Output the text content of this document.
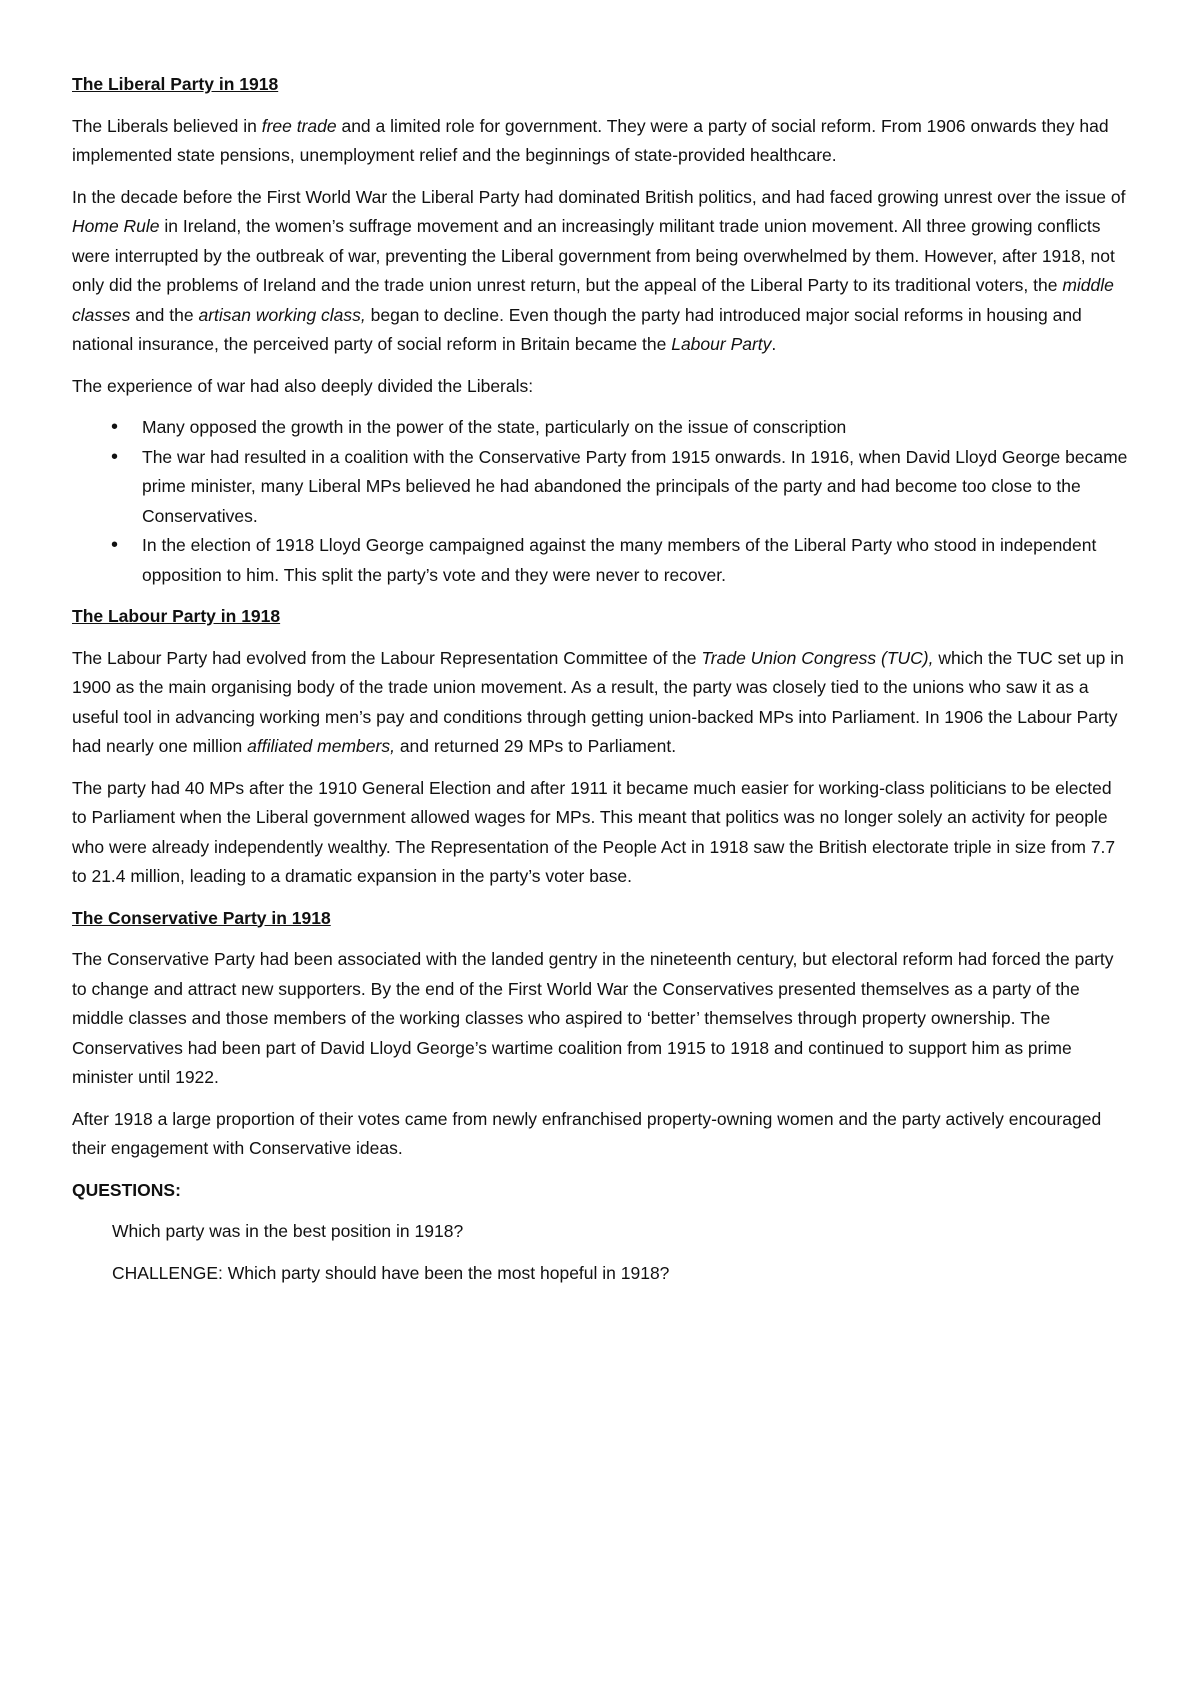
The Liberal Party in 1918

The Liberals believed in free trade and a limited role for government. They were a party of social reform. From 1906 onwards they had implemented state pensions, unemployment relief and the beginnings of state-provided healthcare.

In the decade before the First World War the Liberal Party had dominated British politics, and had faced growing unrest over the issue of Home Rule in Ireland, the women’s suffrage movement and an increasingly militant trade union movement. All three growing conflicts were interrupted by the outbreak of war, preventing the Liberal government from being overwhelmed by them. However, after 1918, not only did the problems of Ireland and the trade union unrest return, but the appeal of the Liberal Party to its traditional voters, the middle classes and the artisan working class, began to decline. Even though the party had introduced major social reforms in housing and national insurance, the perceived party of social reform in Britain became the Labour Party.

The experience of war had also deeply divided the Liberals:

• Many opposed the growth in the power of the state, particularly on the issue of conscription
• The war had resulted in a coalition with the Conservative Party from 1915 onwards. In 1916, when David Lloyd George became prime minister, many Liberal MPs believed he had abandoned the principals of the party and had become too close to the Conservatives.
• In the election of 1918 Lloyd George campaigned against the many members of the Liberal Party who stood in independent opposition to him. This split the party’s vote and they were never to recover.
The Labour Party in 1918

The Labour Party had evolved from the Labour Representation Committee of the Trade Union Congress (TUC), which the TUC set up in 1900 as the main organising body of the trade union movement. As a result, the party was closely tied to the unions who saw it as a useful tool in advancing working men’s pay and conditions through getting union-backed MPs into Parliament. In 1906 the Labour Party had nearly one million affiliated members, and returned 29 MPs to Parliament.

The party had 40 MPs after the 1910 General Election and after 1911 it became much easier for working-class politicians to be elected to Parliament when the Liberal government allowed wages for MPs. This meant that politics was no longer solely an activity for people who were already independently wealthy. The Representation of the People Act in 1918 saw the British electorate triple in size from 7.7 to 21.4 million, leading to a dramatic expansion in the party’s voter base.

The Conservative Party in 1918

The Conservative Party had been associated with the landed gentry in the nineteenth century, but electoral reform had forced the party to change and attract new supporters. By the end of the First World War the Conservatives presented themselves as a party of the middle classes and those members of the working classes who aspired to ‘better’ themselves through property ownership. The Conservatives had been part of David Lloyd George’s wartime coalition from 1915 to 1918 and continued to support him as prime minister until 1922.

After 1918 a large proportion of their votes came from newly enfranchised property-owning women and the party actively encouraged their engagement with Conservative ideas.

QUESTIONS:
Which party was in the best position in 1918?
CHALLENGE: Which party should have been the most hopeful in 1918?
